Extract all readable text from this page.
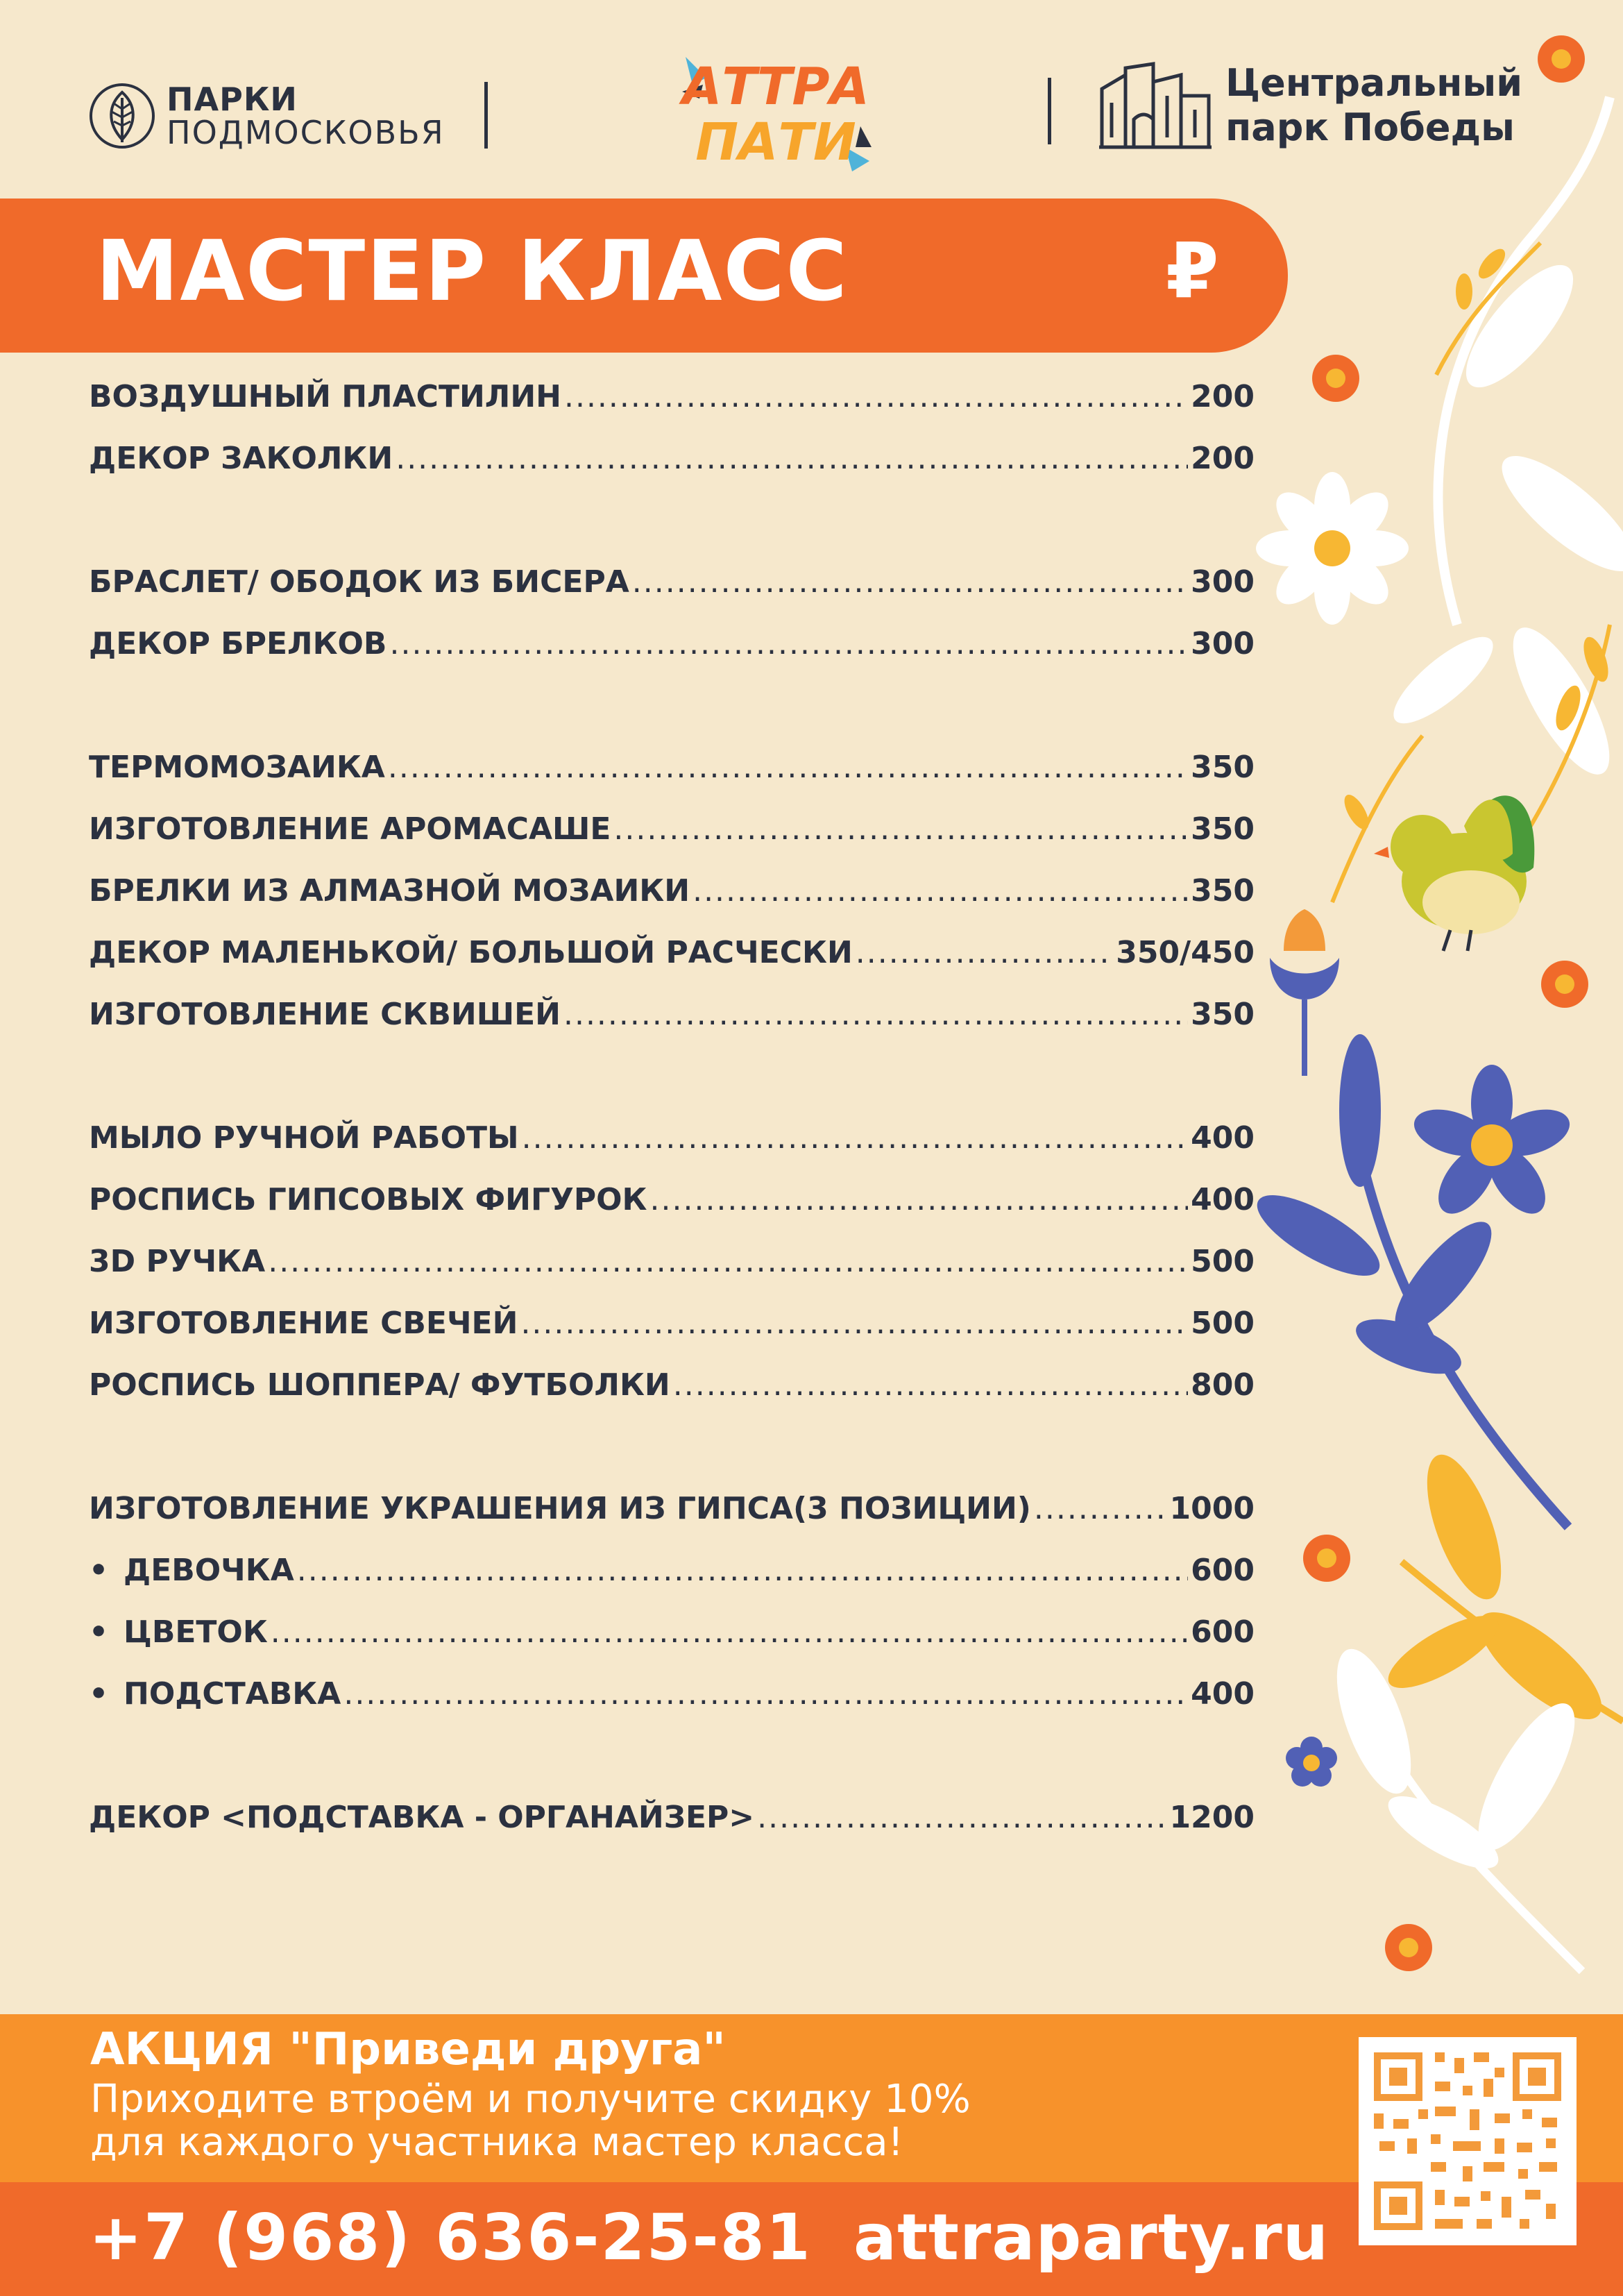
ПАРКИ
ПОДМОСКОВЬЯ
АТТРА
ПАТИ
Центральный
парк Победы
МАСТЕР КЛАСС	₽
ВОЗДУШНЫЙ ПЛАСТИЛИН .....	200
ДЕКОР ЗАКОЛКИ .....	200
БРАСЛЕТ/ ОБОДОК ИЗ БИСЕРА .....	300
ДЕКОР БРЕЛКОВ .....	300
ТЕРМОМОЗАИКА .....	350
ИЗГОТОВЛЕНИЕ АРОМАСАШЕ .....	350
БРЕЛКИ ИЗ АЛМАЗНОЙ МОЗАИКИ .....	350
ДЕКОР МАЛЕНЬКОЙ/ БОЛЬШОЙ РАСЧЕСКИ .....	350/450
ИЗГОТОВЛЕНИЕ СКВИШЕЙ .....	350
МЫЛО РУЧНОЙ РАБОТЫ .....	400
РОСПИСЬ ГИПСОВЫХ ФИГУРОК .....	400
3D РУЧКА .....	500
ИЗГОТОВЛЕНИЕ СВЕЧЕЙ .....	500
РОСПИСЬ ШОППЕРА/ ФУТБОЛКИ .....	800
ИЗГОТОВЛЕНИЕ УКРАШЕНИЯ ИЗ ГИПСА(3 ПОЗИЦИИ) .....	1000
• ДЕВОЧКА .....	600
• ЦВЕТОК .....	600
• ПОДСТАВКА .....	400
ДЕКОР <ПОДСТАВКА - ОРГАНАЙЗЕР> .....	1200
АКЦИЯ "Приведи друга"
Приходите втроём и получите скидку 10%
для каждого участника мастер класса!
+7 (968) 636-25-81 attraparty.ru
